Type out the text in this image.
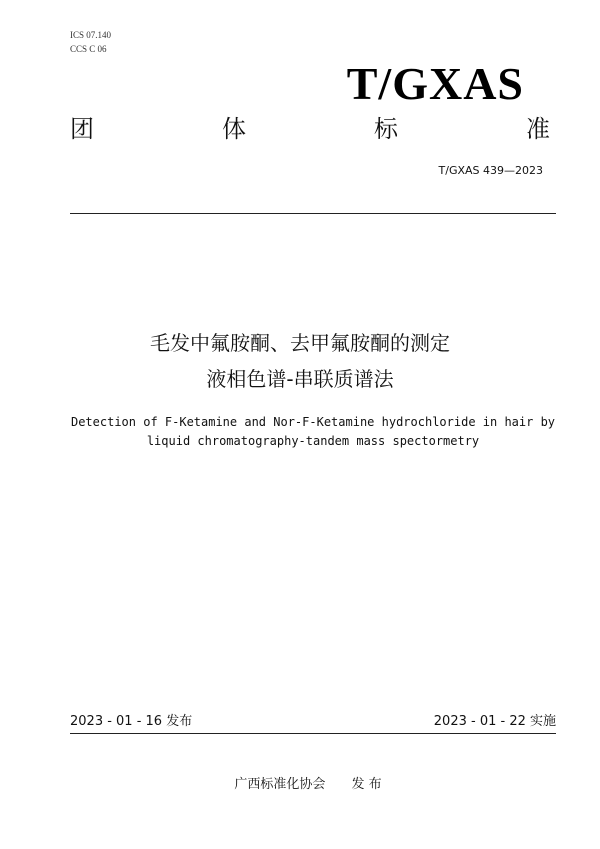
ICS 07.140
CCS C 06
T/GXAS
团	体	标	准
T/GXAS 439—2023
毛发中氟胺酮、去甲氟胺酮的测定
液相色谱-串联质谱法
Detection of F-Ketamine and Nor-F-Ketamine hydrochloride in hair by
liquid chromatography-tandem mass spectormetry
2023 - 01 - 16 发布	2023 - 01 - 22 实施
广西标准化协会 发 布
